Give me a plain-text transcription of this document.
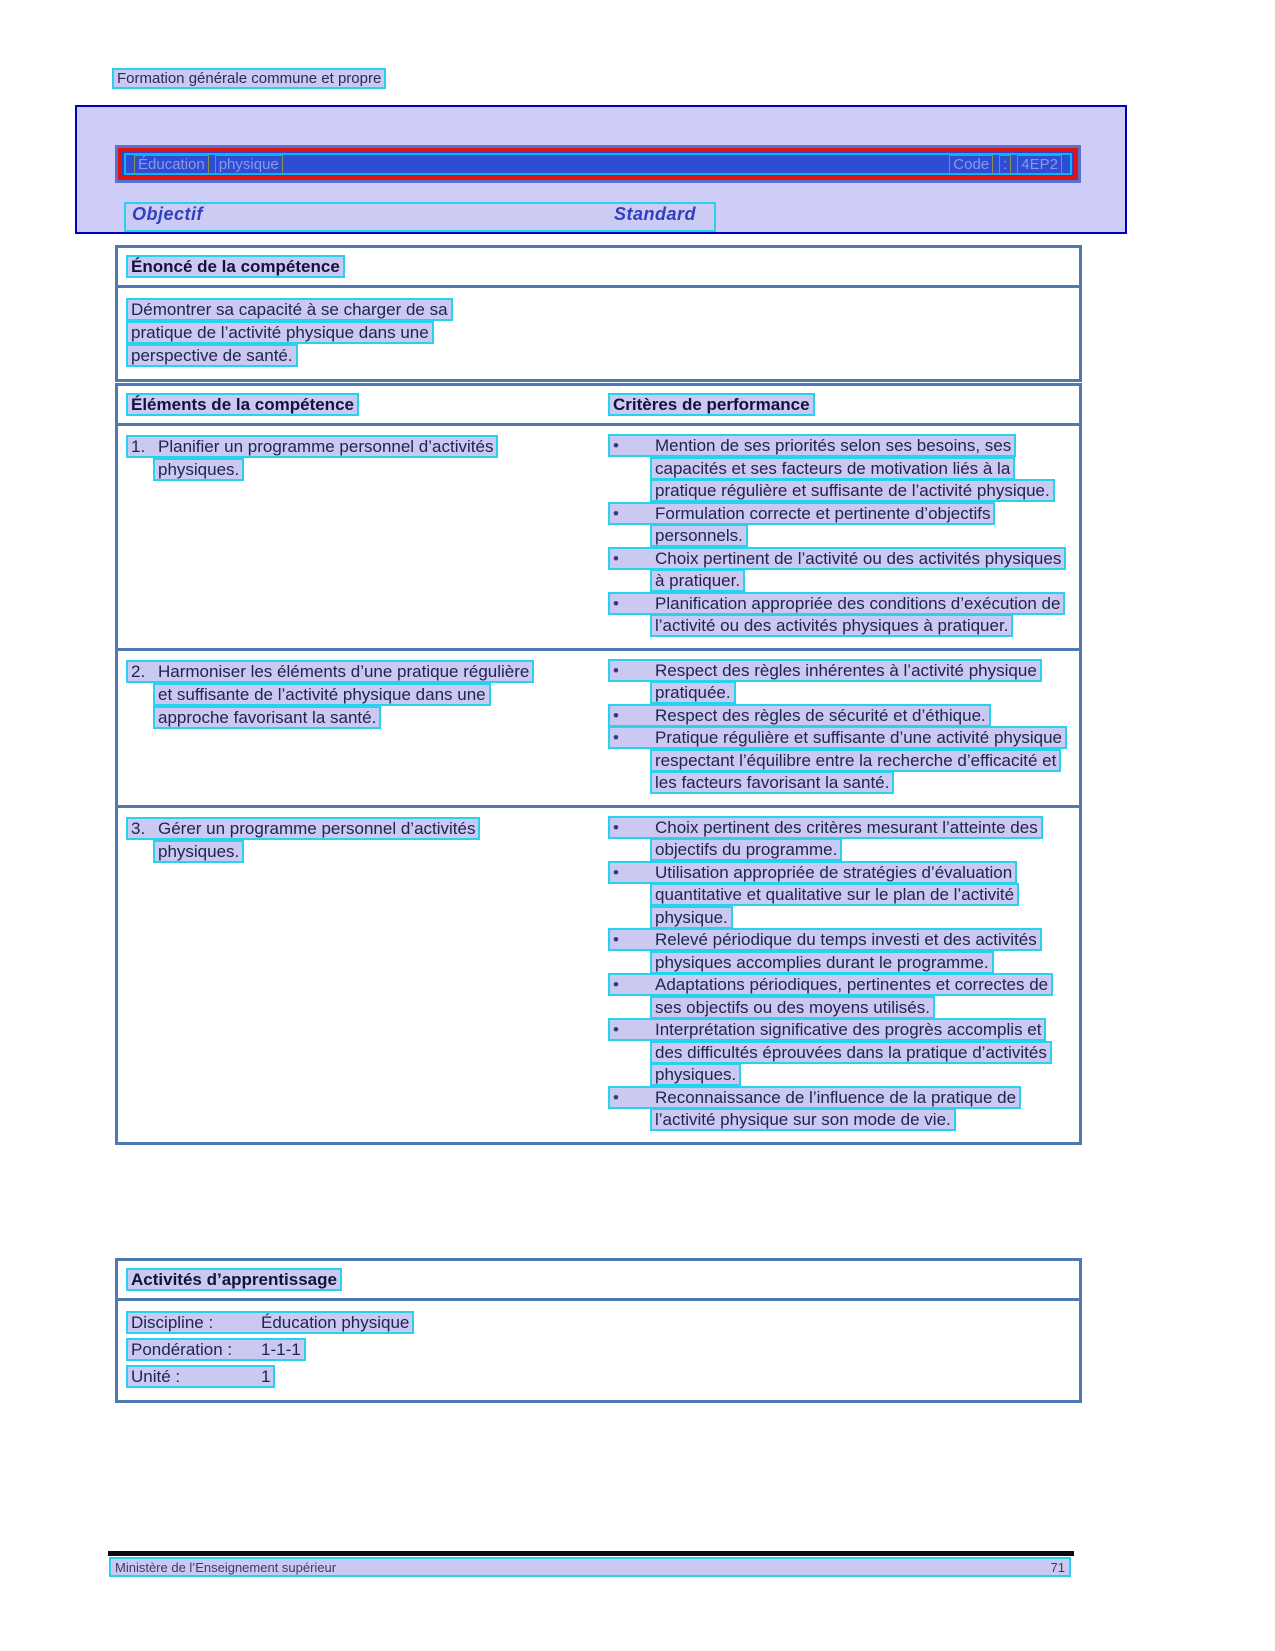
Formation générale commune et propre
Éducation physique	Code : 4EP2
Objectif	Standard
Énoncé de la compétence
Démontrer sa capacité à se charger de sa pratique de l’activité physique dans une perspective de santé.
Éléments de la compétence	Critères de performance
1. Planifier un programme personnel d’activités physiques.
• Mention de ses priorités selon ses besoins, ses capacités et ses facteurs de motivation liés à la pratique régulière et suffisante de l’activité physique.
• Formulation correcte et pertinente d’objectifs personnels.
• Choix pertinent de l’activité ou des activités physiques à pratiquer.
• Planification appropriée des conditions d’exécution de l’activité ou des activités physiques à pratiquer.
2. Harmoniser les éléments d’une pratique régulière et suffisante de l’activité physique dans une approche favorisant la santé.
• Respect des règles inhérentes à l’activité physique pratiquée.
• Respect des règles de sécurité et d’éthique.
• Pratique régulière et suffisante d’une activité physique respectant l’équilibre entre la recherche d’efficacité et les facteurs favorisant la santé.
3. Gérer un programme personnel d’activités physiques.
• Choix pertinent des critères mesurant l’atteinte des objectifs du programme.
• Utilisation appropriée de stratégies d’évaluation quantitative et qualitative sur le plan de l’activité physique.
• Relevé périodique du temps investi et des activités physiques accomplies durant le programme.
• Adaptations périodiques, pertinentes et correctes de ses objectifs ou des moyens utilisés.
• Interprétation significative des progrès accomplis et des difficultés éprouvées dans la pratique d’activités physiques.
• Reconnaissance de l’influence de la pratique de l’activité physique sur son mode de vie.
Activités d’apprentissage
Discipline :	Éducation physique
Pondération : 1-1-1
Unité :	1
Ministère de l’Enseignement supérieur	71
